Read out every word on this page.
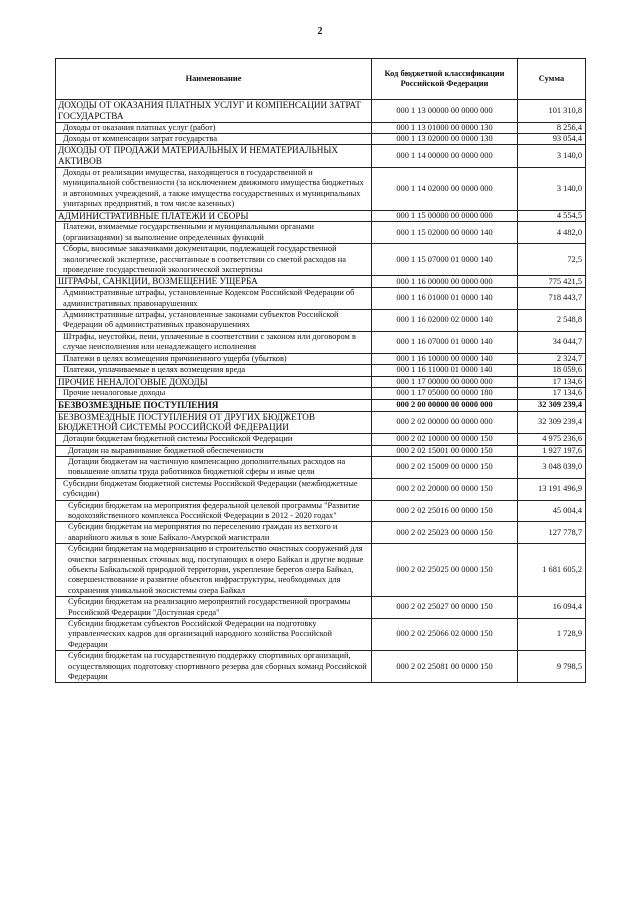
2
Наименование	Код бюджетной классификации Российской Федерации	Сумма
ДОХОДЫ ОТ ОКАЗАНИЯ ПЛАТНЫХ УСЛУГ И КОМПЕНСАЦИИ ЗАТРАТ ГОСУДАРСТВА	000 1 13 00000 00 0000 000	101 310,8
Доходы от оказания платных услуг (работ)	000 1 13 01000 00 0000 130	8 256,4
Доходы от компенсации затрат государства	000 1 13 02000 00 0000 130	93 054,4
ДОХОДЫ ОТ ПРОДАЖИ МАТЕРИАЛЬНЫХ И НЕМАТЕРИАЛЬНЫХ АКТИВОВ	000 1 14 00000 00 0000 000	3 140,0
Доходы от реализации имущества, находящегося в государственной и муниципальной собственности (за исключением движимого имущества бюджетных и автономных учреждений, а также имущества государственных и муниципальных унитарных предприятий, в том числе казенных)	000 1 14 02000 00 0000 000	3 140,0
АДМИНИСТРАТИВНЫЕ ПЛАТЕЖИ И СБОРЫ	000 1 15 00000 00 0000 000	4 554,5
Платежи, взимаемые государственными и муниципальными органами (организациями) за выполнение определенных функций	000 1 15 02000 00 0000 140	4 482,0
Сборы, вносимые заказчиками документации, подлежащей государственной экологической экспертизе, рассчитанные в соответствии со сметой расходов на проведение государственной экологической экспертизы	000 1 15 07000 01 0000 140	72,5
ШТРАФЫ, САНКЦИИ, ВОЗМЕЩЕНИЕ УЩЕРБА	000 1 16 00000 00 0000 000	775 421,5
Административные штрафы, установленные Кодексом Российской Федерации об административных правонарушениях	000 1 16 01000 01 0000 140	718 443,7
Административные штрафы, установленные законами субъектов Российской Федерации об административных правонарушениях	000 1 16 02000 02 0000 140	2 548,8
Штрафы, неустойки, пени, уплаченные в соответствии с законом или договором в случае неисполнения или ненадлежащего исполнения	000 1 16 07000 01 0000 140	34 044,7
Платежи в целях возмещения причиненного ущерба (убытков)	000 1 16 10000 00 0000 140	2 324,7
Платежи, уплачиваемые в целях возмещения вреда	000 1 16 11000 01 0000 140	18 059,6
ПРОЧИЕ НЕНАЛОГОВЫЕ ДОХОДЫ	000 1 17 00000 00 0000 000	17 134,6
Прочие неналоговые доходы	000 1 17 05000 00 0000 180	17 134,6
БЕЗВОЗМЕЗДНЫЕ ПОСТУПЛЕНИЯ	000 2 00 00000 00 0000 000	32 309 239,4
БЕЗВОЗМЕЗДНЫЕ ПОСТУПЛЕНИЯ ОТ ДРУГИХ БЮДЖЕТОВ БЮДЖЕТНОЙ СИСТЕМЫ РОССИЙСКОЙ ФЕДЕРАЦИИ	000 2 02 00000 00 0000 000	32 309 239,4
Дотации бюджетам бюджетной системы Российской Федерации	000 2 02 10000 00 0000 150	4 975 236,6
Дотации на выравнивание бюджетной обеспеченности	000 2 02 15001 00 0000 150	1 927 197,6
Дотации бюджетам на частичную компенсацию дополнительных расходов на повышение оплаты труда работников бюджетной сферы и иные цели	000 2 02 15009 00 0000 150	3 048 039,0
Субсидии бюджетам бюджетной системы Российской Федерации (межбюджетные субсидии)	000 2 02 20000 00 0000 150	13 191 496,9
Субсидии бюджетам на мероприятия федеральной целевой программы "Развитие водохозяйственного комплекса Российской Федерации в 2012 - 2020 годах"	000 2 02 25016 00 0000 150	45 004,4
Субсидии бюджетам на мероприятия по переселению граждан из ветхого и аварийного жилья в зоне Байкало-Амурской магистрали	000 2 02 25023 00 0000 150	127 778,7
Субсидии бюджетам на модернизацию и строительство очистных сооружений для очистки загрязненных сточных вод, поступающих в озеро Байкал и другие водные объекты Байкальской природной территории, укрепление берегов озера Байкал, совершенствование и развитие объектов инфраструктуры, необходимых для сохранения уникальной экосистемы озера Байкал	000 2 02 25025 00 0000 150	1 681 605,2
Субсидии бюджетам на реализацию мероприятий государственной программы Российской Федерации "Доступная среда"	000 2 02 25027 00 0000 150	16 094,4
Субсидии бюджетам субъектов Российской Федерации на подготовку управленческих кадров для организаций народного хозяйства Российской Федерации	000 2 02 25066 02 0000 150	1 728,9
Субсидии бюджетам на государственную поддержку спортивных организаций, осуществляющих подготовку спортивного резерва для сборных команд Российской Федерации	000 2 02 25081 00 0000 150	9 798,5
